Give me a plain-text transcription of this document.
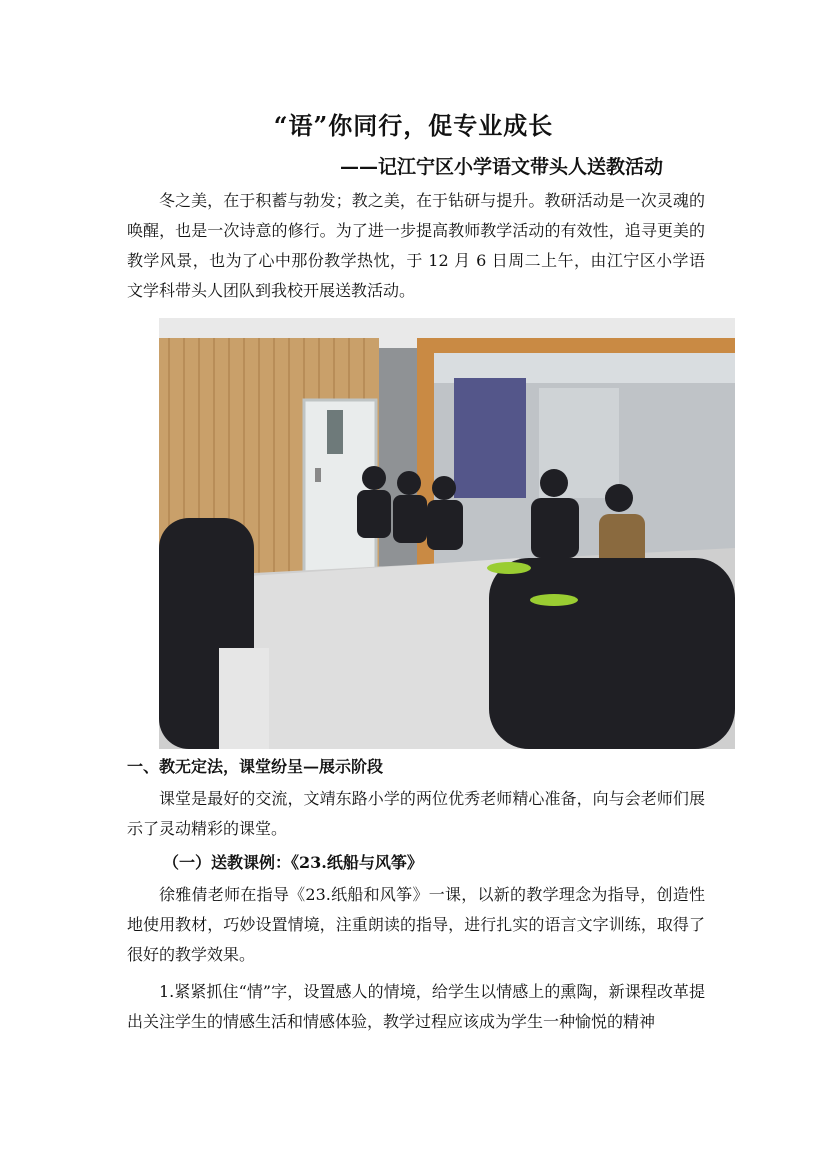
“语”你同行，促专业成长
——记江宁区小学语文带头人送教活动
冬之美，在于积蓄与勃发；教之美，在于钻研与提升。教研活动是一次灵魂的唤醒，也是一次诗意的修行。为了进一步提高教师教学活动的有效性，追寻更美的教学风景，也为了心中那份教学热忱，于 12 月 6 日周二上午，由江宁区小学语文学科带头人团队到我校开展送教活动。
一、教无定法，课堂纷呈—展示阶段
课堂是最好的交流，文靖东路小学的两位优秀老师精心准备，向与会老师们展示了灵动精彩的课堂。
（一）送教课例：《23.纸船与风筝》
徐雅倩老师在指导《23.纸船和风筝》一课，以新的教学理念为指导，创造性地使用教材，巧妙设置情境，注重朗读的指导，进行扎实的语言文字训练，取得了很好的教学效果。
1.紧紧抓住“情”字，设置感人的情境，给学生以情感上的熏陶，新课程改革提出关注学生的情感生活和情感体验，教学过程应该成为学生一种愉悦的精神
